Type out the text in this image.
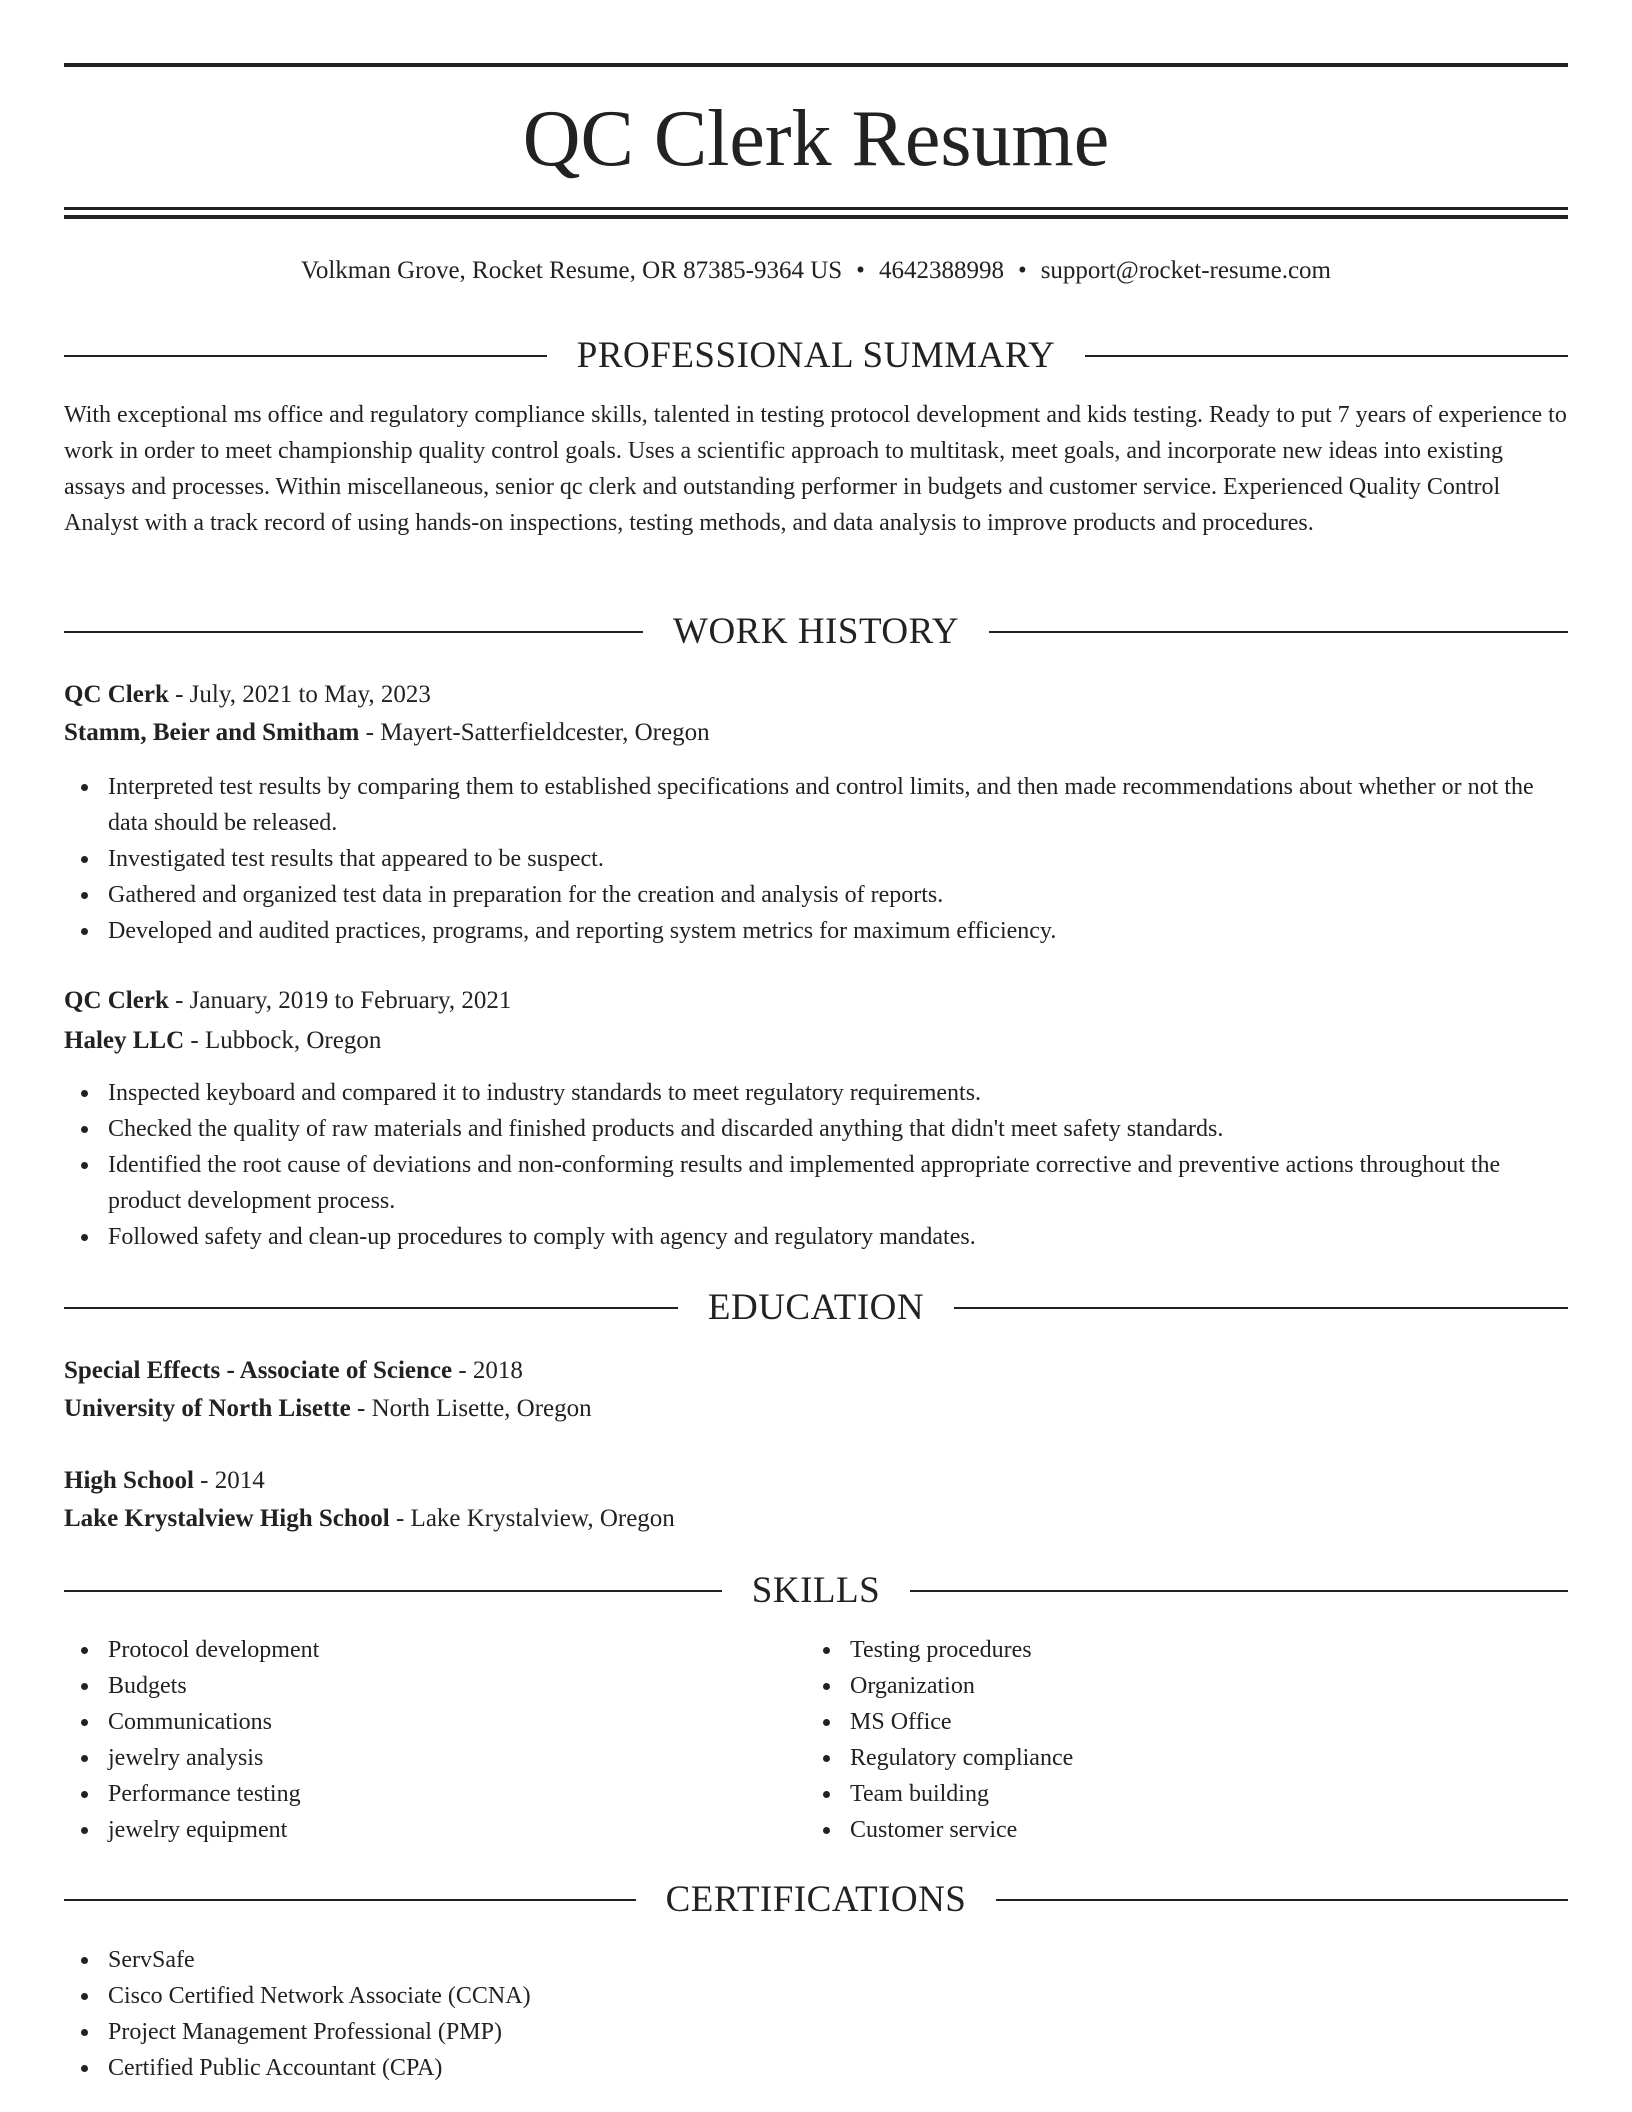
QC Clerk Resume
Volkman Grove, Rocket Resume, OR 87385-9364 US • 4642388998 • support@rocket-resume.com
PROFESSIONAL SUMMARY
With exceptional ms office and regulatory compliance skills, talented in testing protocol development and kids testing. Ready to put 7 years of experience to work in order to meet championship quality control goals. Uses a scientific approach to multitask, meet goals, and incorporate new ideas into existing assays and processes. Within miscellaneous, senior qc clerk and outstanding performer in budgets and customer service. Experienced Quality Control Analyst with a track record of using hands-on inspections, testing methods, and data analysis to improve products and procedures.
WORK HISTORY
QC Clerk - July, 2021 to May, 2023
Stamm, Beier and Smitham - Mayert-Satterfieldcester, Oregon
Interpreted test results by comparing them to established specifications and control limits, and then made recommendations about whether or not the data should be released.
Investigated test results that appeared to be suspect.
Gathered and organized test data in preparation for the creation and analysis of reports.
Developed and audited practices, programs, and reporting system metrics for maximum efficiency.
QC Clerk - January, 2019 to February, 2021
Haley LLC - Lubbock, Oregon
Inspected keyboard and compared it to industry standards to meet regulatory requirements.
Checked the quality of raw materials and finished products and discarded anything that didn't meet safety standards.
Identified the root cause of deviations and non-conforming results and implemented appropriate corrective and preventive actions throughout the product development process.
Followed safety and clean-up procedures to comply with agency and regulatory mandates.
EDUCATION
Special Effects - Associate of Science - 2018
University of North Lisette - North Lisette, Oregon
High School - 2014
Lake Krystalview High School - Lake Krystalview, Oregon
SKILLS
Protocol development
Budgets
Communications
jewelry analysis
Performance testing
jewelry equipment
Testing procedures
Organization
MS Office
Regulatory compliance
Team building
Customer service
CERTIFICATIONS
ServSafe
Cisco Certified Network Associate (CCNA)
Project Management Professional (PMP)
Certified Public Accountant (CPA)
